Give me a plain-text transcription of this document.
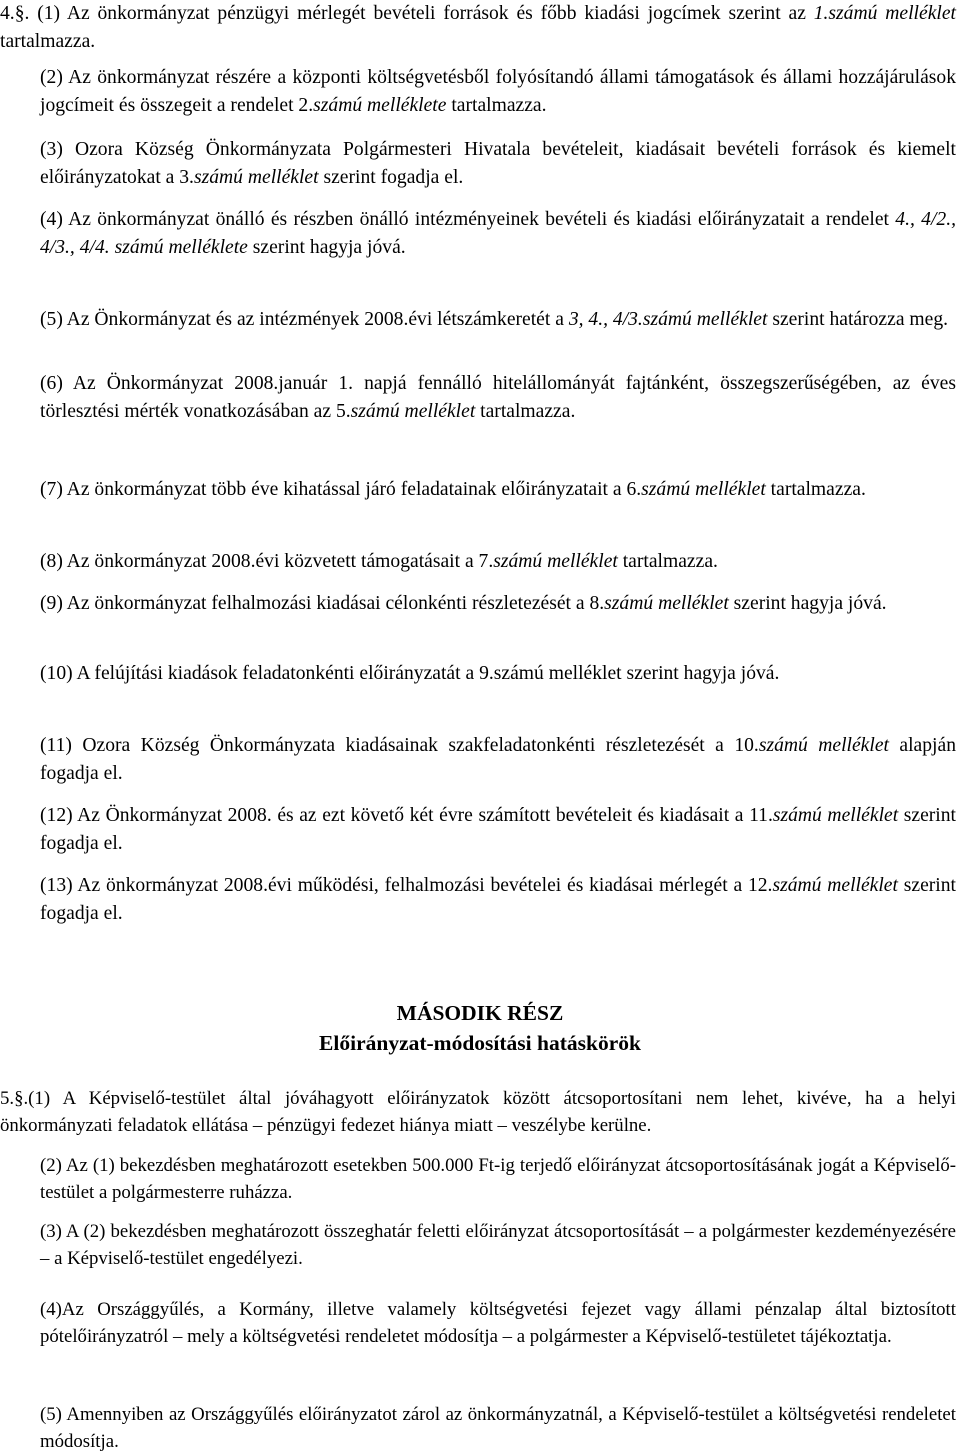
4.§. (1) Az önkormányzat pénzügyi mérlegét bevételi források és főbb kiadási jogcímek szerint az 1.számú melléklet tartalmazza.

(2) Az önkormányzat részére a központi költségvetésből folyósítandó állami támogatások és állami hozzájárulások jogcímeit és összegeit a rendelet 2.számú melléklete tartalmazza.

(3) Ozora Község Önkormányzata Polgármesteri Hivatala bevételeit, kiadásait bevételi források és kiemelt előirányzatokat a 3.számú melléklet szerint fogadja el.

(4) Az önkormányzat önálló és részben önálló intézményeinek bevételi és kiadási előirányzatait a rendelet 4., 4/2., 4/3., 4/4. számú melléklete szerint hagyja jóvá.

(5) Az Önkormányzat és az intézmények 2008.évi létszámkeretét a 3, 4., 4/3.számú melléklet szerint határozza meg.

(6) Az Önkormányzat 2008.január 1. napjá fennálló hitelállományát fajtánként, összegszerűségében, az éves törlesztési mérték vonatkozásában az 5.számú melléklet tartalmazza.

(7) Az önkormányzat több éve kihatással járó feladatainak előirányzatait a 6.számú melléklet tartalmazza.

(8) Az önkormányzat 2008.évi közvetett támogatásait a 7.számú melléklet tartalmazza.

(9) Az önkormányzat felhalmozási kiadásai célonkénti részletezését a 8.számú melléklet szerint hagyja jóvá.

(10) A felújítási kiadások feladatonkénti előirányzatát a 9.számú melléklet szerint hagyja jóvá.

(11) Ozora Község Önkormányzata kiadásainak szakfeladatonkénti részletezését a 10.számú melléklet alapján fogadja el.

(12) Az Önkormányzat 2008. és az ezt követő két évre számított bevételeit és kiadásait a 11.számú melléklet szerint fogadja el.

(13) Az önkormányzat 2008.évi működési, felhalmozási bevételei és kiadásai mérlegét a 12.számú melléklet szerint fogadja el.

MÁSODIK RÉSZ
Előirányzat-módosítási hatáskörök

5.§.(1) A Képviselő-testület által jóváhagyott előirányzatok között átcsoportosítani nem lehet, kivéve, ha a helyi önkormányzati feladatok ellátása – pénzügyi fedezet hiánya miatt – veszélybe kerülne.

(2) Az (1) bekezdésben meghatározott esetekben 500.000 Ft-ig terjedő előirányzat átcsoportosításának jogát a Képviselő-testület a polgármesterre ruházza.

(3) A (2) bekezdésben meghatározott összeghatár feletti előirányzat átcsoportosítását – a polgármester kezdeményezésére – a Képviselő-testület engedélyezi.

(4)Az Országgyűlés, a Kormány, illetve valamely költségvetési fejezet vagy állami pénzalap által biztosított pótelőirányzatról – mely a költségvetési rendeletet módosítja – a polgármester a Képviselő-testületet tájékoztatja.

(5) Amennyiben az Országgyűlés előirányzatot zárol az önkormányzatnál, a Képviselő-testület a költségvetési rendeletet módosítja.
